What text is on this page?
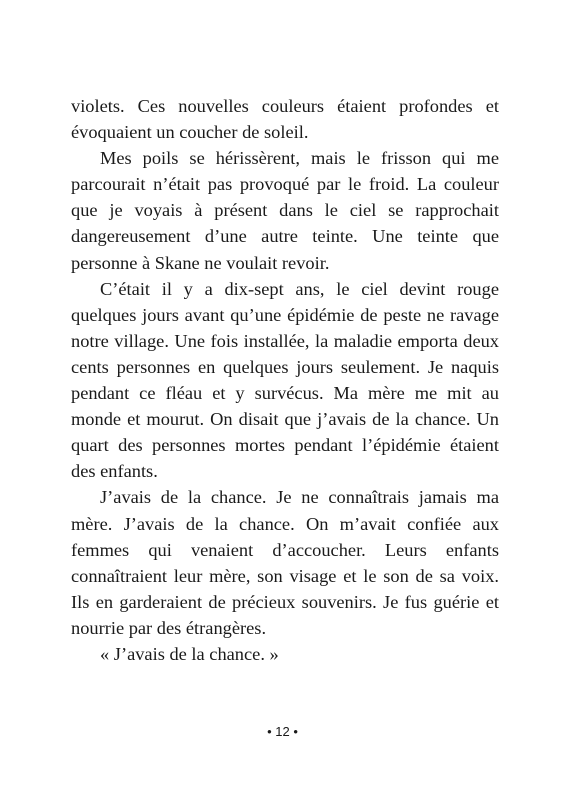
violets. Ces nouvelles couleurs étaient profondes et évoquaient un coucher de soleil.

Mes poils se hérissèrent, mais le frisson qui me parcourait n’était pas provoqué par le froid. La couleur que je voyais à présent dans le ciel se rapprochait dangereusement d’une autre teinte. Une teinte que personne à Skane ne voulait revoir.

C’était il y a dix-sept ans, le ciel devint rouge quelques jours avant qu’une épidémie de peste ne ravage notre village. Une fois installée, la maladie emporta deux cents personnes en quelques jours seulement. Je naquis pendant ce fléau et y survécus. Ma mère me mit au monde et mourut. On disait que j’avais de la chance. Un quart des personnes mortes pendant l’épidémie étaient des enfants.

J’avais de la chance. Je ne connaîtrais jamais ma mère. J’avais de la chance. On m’avait confiée aux femmes qui venaient d’accoucher. Leurs enfants connaîtraient leur mère, son visage et le son de sa voix. Ils en garderaient de précieux souvenirs. Je fus guérie et nourrie par des étrangères.

« J’avais de la chance. »

• 12 •
